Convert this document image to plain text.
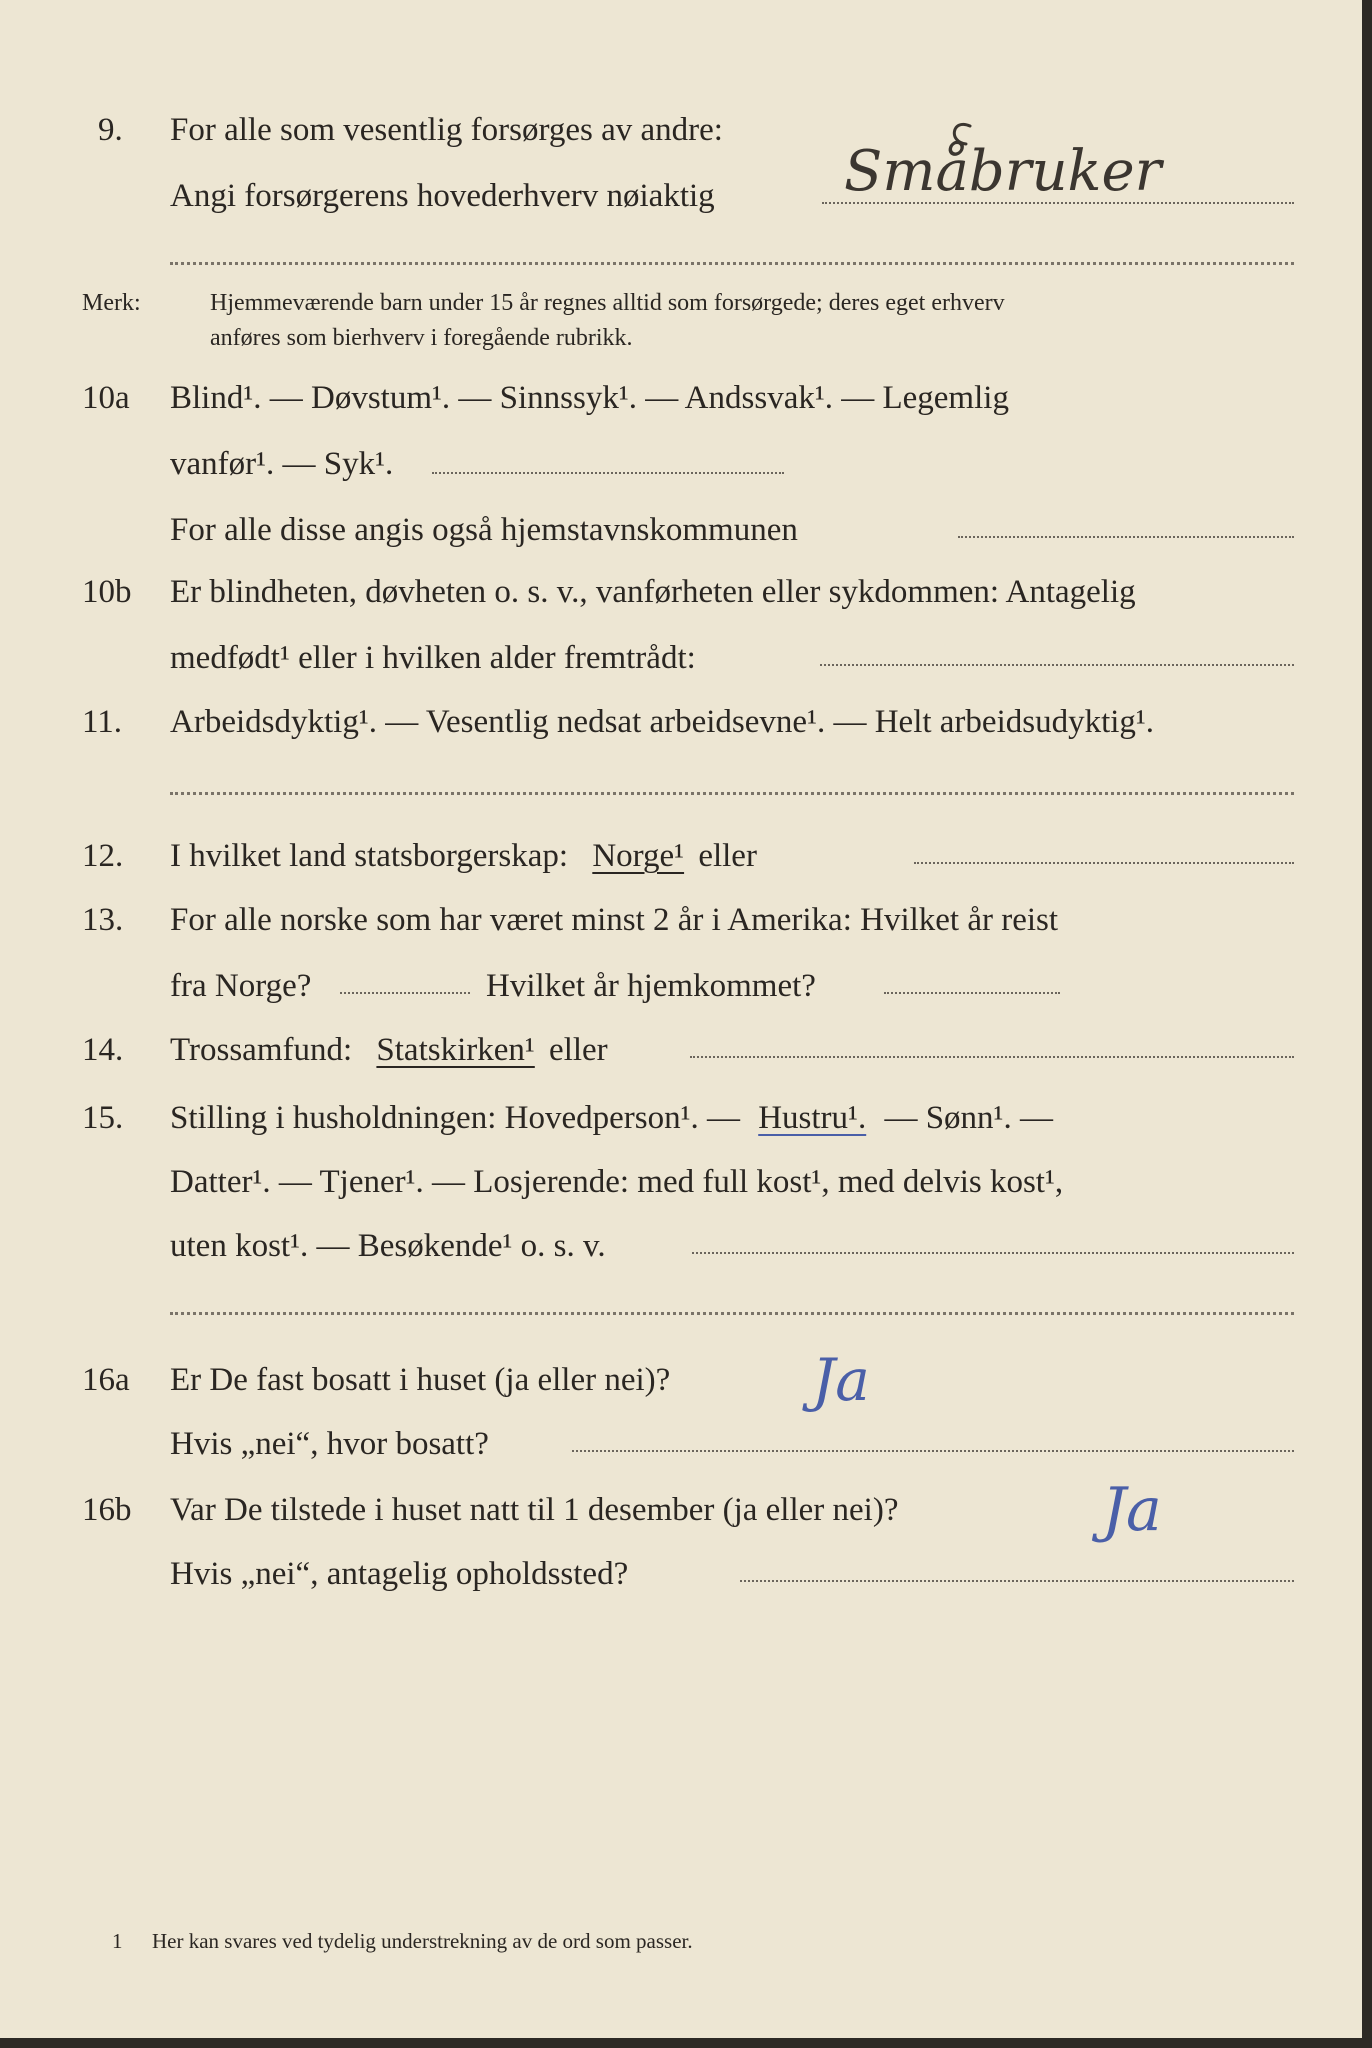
9. For alle som vesentlig forsørges av andre:
Angi forsørgerens hovederhverv nøiaktig Småbruker
Merk:	Hjemmeværende barn under 15 år regnes alltid som forsørgede; deres eget erhverv
anføres som bierhverv i foregående rubrikk.
10a Blind¹. — Døvstum¹. — Sinnssyk¹. — Andssvak¹. — Legemlig
vanfør¹. — Syk¹.
For alle disse angis også hjemstavnskommunen
10b Er blindheten, døvheten o. s. v., vanførheten eller sykdommen: Antagelig
medfødt¹ eller i hvilken alder fremtrådt:
11. Arbeidsdyktig¹. — Vesentlig nedsat arbeidsevne¹. — Helt arbeidsudyktig¹.
12. I hvilket land statsborgerskap: Norge¹ eller
13. For alle norske som har været minst 2 år i Amerika: Hvilket år reist
fra Norge?	Hvilket år hjemkommet?
14. Trossamfund: Statskirken¹ eller
15. Stilling i husholdningen: Hovedperson¹. — Hustru¹. — Sønn¹. —
Datter¹. — Tjener¹. — Losjerende: med full kost¹, med delvis kost¹,
uten kost¹. — Besøkende¹ o. s. v.
16a Er De fast bosatt i huset (ja eller nei)? Ja
Hvis „nei“, hvor bosatt?
16b Var De tilstede i huset natt til 1 desember (ja eller nei)?	Ja
Hvis „nei“, antagelig opholdssted?
1 Her kan svares ved tydelig understrekning av de ord som passer.
